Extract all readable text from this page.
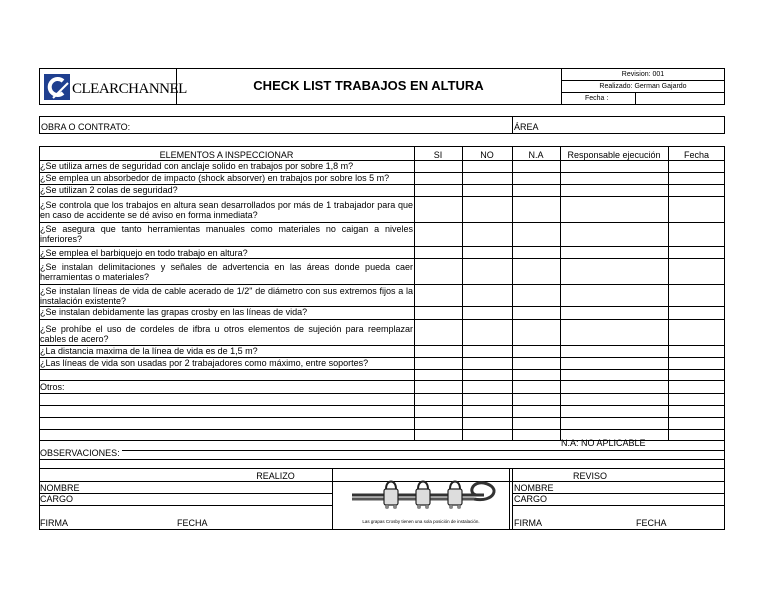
CLEARCHANNEL	CHECK LIST TRABAJOS EN ALTURA
Revision: 001
Realizado: German Gajardo
Fecha :
OBRA O CONTRATO:	ÁREA
ELEMENTOS A INSPECCIONAR	SI	NO	N.A	Responsable ejecución	Fecha
¿Se utiliza arnes de seguridad con anclaje solido en trabajos por sobre 1,8 m?
¿Se emplea un absorbedor de impacto (shock absorver) en trabajos por sobre los 5 m?
¿Se utilizan 2 colas de seguridad?
¿Se controla que los trabajos en altura sean desarrollados por más de 1 trabajador para que en caso de accidente se dé aviso en forma inmediata?
¿Se asegura que tanto herramientas manuales como materiales no caigan a niveles inferiores?
¿Se emplea el barbiquejo en todo trabajo en altura?
¿Se instalan delimitaciones y señales de advertencia en las áreas donde pueda caer herramientas o materiales?
¿Se instalan líneas de vida de cable acerado de 1/2" de diámetro con sus extremos fijos a la instalación existente?
¿Se instalan debidamente las grapas crosby en las líneas de vida?
¿Se prohíbe el uso de cordeles de ifbra u otros elementos de sujeción para reemplazar cables de acero?
¿La distancia maxima de la línea de vida es de 1,5 m?
¿Las líneas de vida son usadas por 2 trabajadores como máximo, entre soportes?
Otros:
N.A: NO APLICABLE
OBSERVACIONES:
REALIZO
NOMBRE
CARGO
FIRMA	FECHA
REVISO
NOMBRE
CARGO
FIRMA	FECHA
Las grapas Crosby tienen una sola posición de instalación.
